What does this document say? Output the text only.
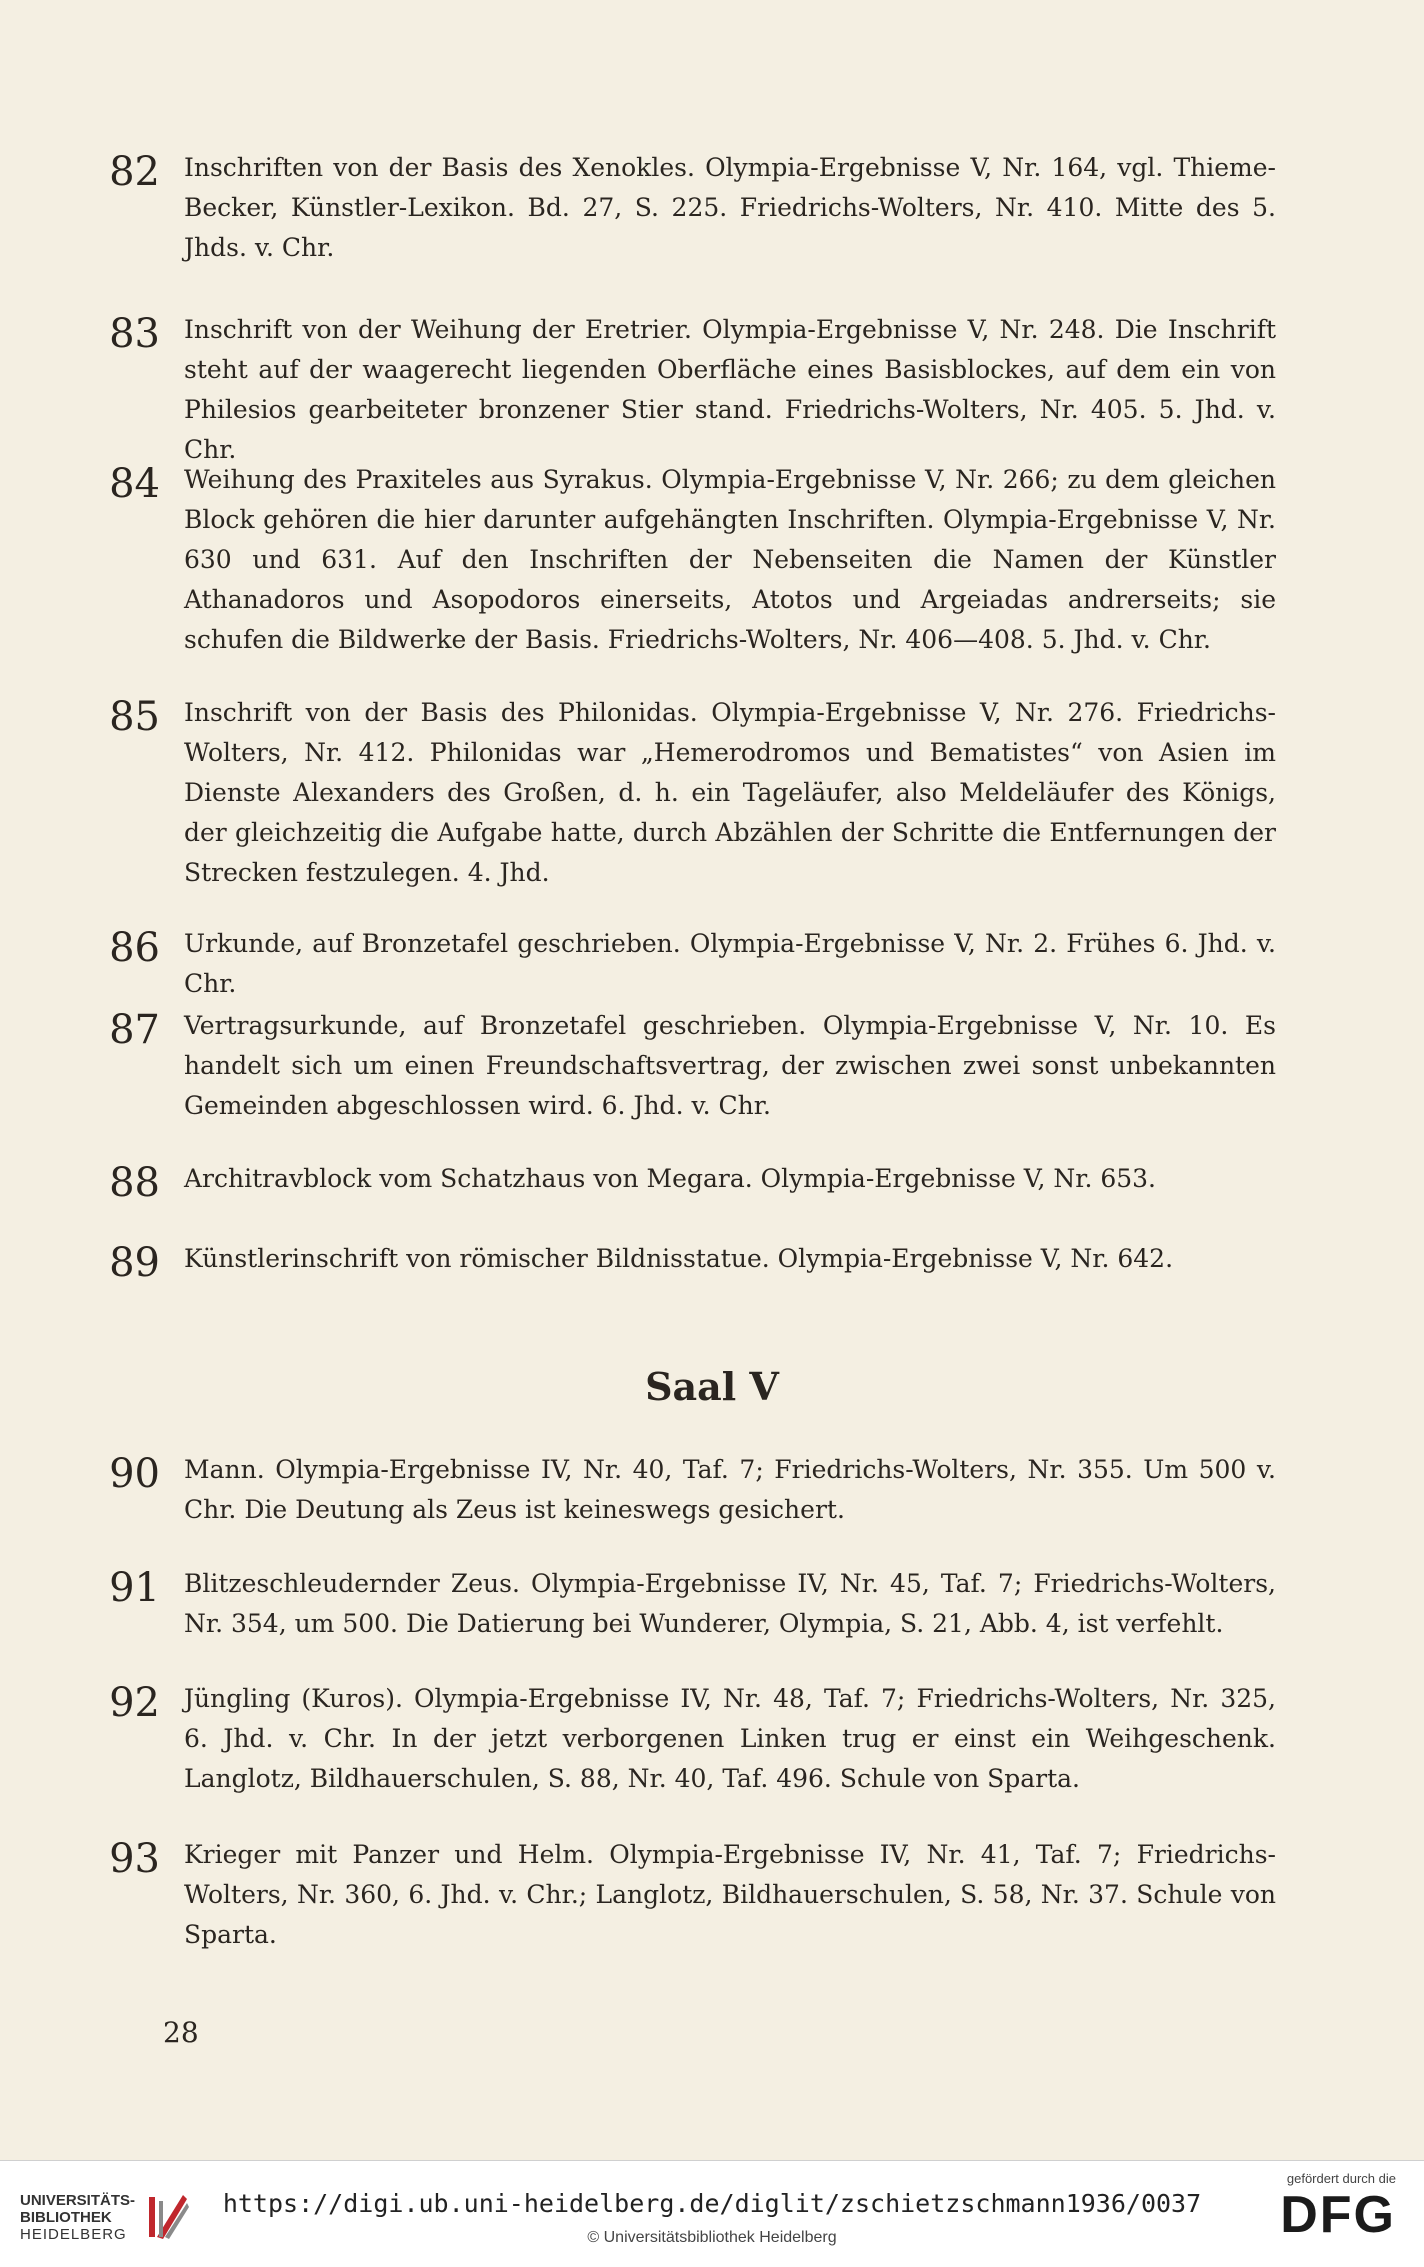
82 Inschriften von der Basis des Xenokles. Olympia-Ergebnisse V, Nr. 164, vgl. Thieme-Becker, Künstler-Lexikon. Bd. 27, S. 225. Friedrichs-Wolters, Nr. 410. Mitte des 5. Jhds. v. Chr.
83 Inschrift von der Weihung der Eretrier. Olympia-Ergebnisse V, Nr. 248. Die Inschrift steht auf der waagerecht liegenden Oberfläche eines Basisblockes, auf dem ein von Philesios gearbeiteter bronzener Stier stand. Friedrichs-Wolters, Nr. 405. 5. Jhd. v. Chr.
84 Weihung des Praxiteles aus Syrakus. Olympia-Ergebnisse V, Nr. 266; zu dem gleichen Block gehören die hier darunter aufgehängten Inschriften. Olympia-Ergebnisse V, Nr. 630 und 631. Auf den Inschriften der Nebenseiten die Namen der Künstler Athanadoros und Asopodoros einerseits, Atotos und Argeiadas andrerseits; sie schufen die Bildwerke der Basis. Friedrichs-Wolters, Nr. 406—408. 5. Jhd. v. Chr.
85 Inschrift von der Basis des Philonidas. Olympia-Ergebnisse V, Nr. 276. Friedrichs-Wolters, Nr. 412. Philonidas war „Hemerodromos und Bematistes“ von Asien im Dienste Alexanders des Großen, d. h. ein Tageläufer, also Meldeläufer des Königs, der gleichzeitig die Aufgabe hatte, durch Abzählen der Schritte die Entfernungen der Strecken festzulegen. 4. Jhd.
86 Urkunde, auf Bronzetafel geschrieben. Olympia-Ergebnisse V, Nr. 2. Frühes 6. Jhd. v. Chr.
87 Vertragsurkunde, auf Bronzetafel geschrieben. Olympia-Ergebnisse V, Nr. 10. Es handelt sich um einen Freundschaftsvertrag, der zwischen zwei sonst unbekannten Gemeinden abgeschlossen wird. 6. Jhd. v. Chr.
88 Architravblock vom Schatzhaus von Megara. Olympia-Ergebnisse V, Nr. 653.
89 Künstlerinschrift von römischer Bildnisstatue. Olympia-Ergebnisse V, Nr. 642.
Saal V
90 Mann. Olympia-Ergebnisse IV, Nr. 40, Taf. 7; Friedrichs-Wolters, Nr. 355. Um 500 v. Chr. Die Deutung als Zeus ist keineswegs gesichert.
91 Blitzeschleudernder Zeus. Olympia-Ergebnisse IV, Nr. 45, Taf. 7; Friedrichs-Wolters, Nr. 354, um 500. Die Datierung bei Wunderer, Olympia, S. 21, Abb. 4, ist verfehlt.
92 Jüngling (Kuros). Olympia-Ergebnisse IV, Nr. 48, Taf. 7; Friedrichs-Wolters, Nr. 325, 6. Jhd. v. Chr. In der jetzt verborgenen Linken trug er einst ein Weihgeschenk. Langlotz, Bildhauerschulen, S. 88, Nr. 40, Taf. 496. Schule von Sparta.
93 Krieger mit Panzer und Helm. Olympia-Ergebnisse IV, Nr. 41, Taf. 7; Friedrichs-Wolters, Nr. 360, 6. Jhd. v. Chr.; Langlotz, Bildhauerschulen, S. 58, Nr. 37. Schule von Sparta.
28
UNIVERSITÄTS-
BIBLIOTHEK
HEIDELBERG
https://digi.ub.uni-heidelberg.de/diglit/zschietzschmann1936/0037
© Universitätsbibliothek Heidelberg
gefördert durch die
DFG
